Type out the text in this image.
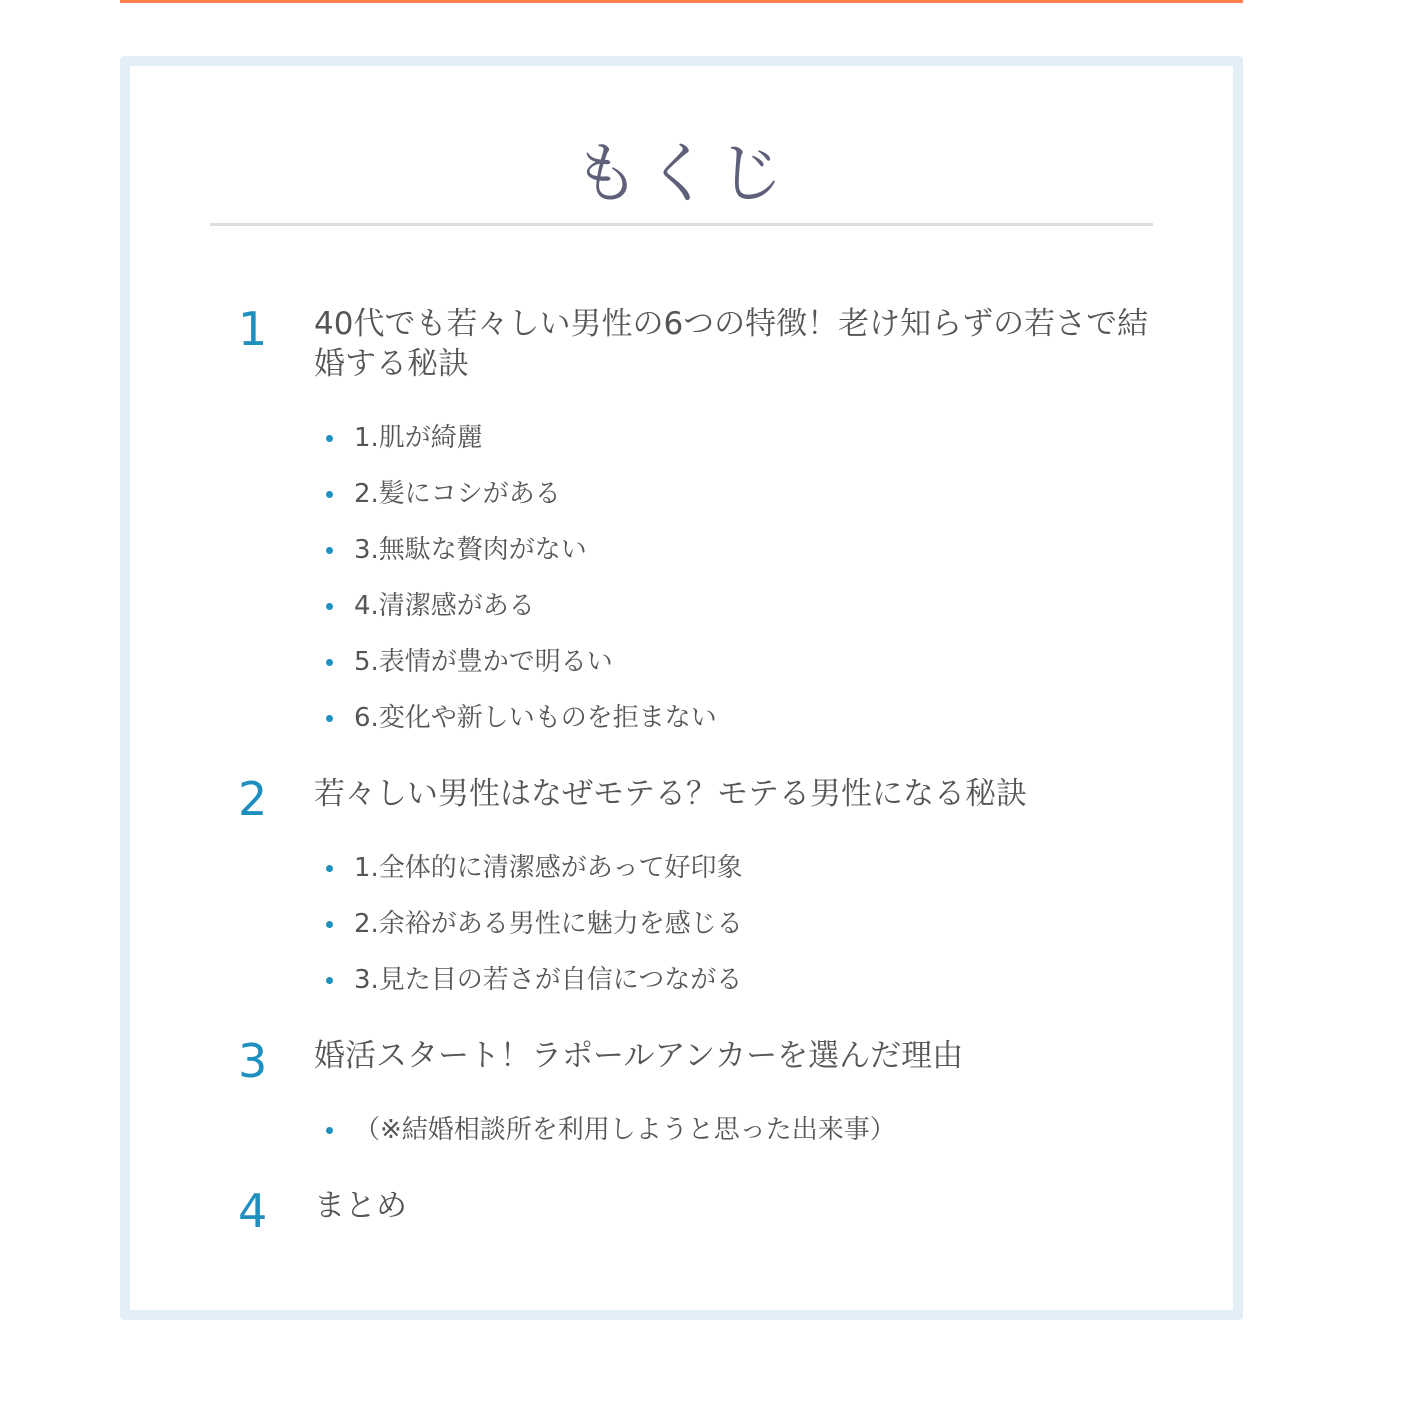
もくじ
1	40代でも若々しい男性の6つの特徴！老け知らずの若さで結婚する秘訣
1.肌が綺麗
2.髪にコシがある
3.無駄な贅肉がない
4.清潔感がある
5.表情が豊かで明るい
6.変化や新しいものを拒まない
2	若々しい男性はなぜモテる？モテる男性になる秘訣
1.全体的に清潔感があって好印象
2.余裕がある男性に魅力を感じる
3.見た目の若さが自信につながる
3	婚活スタート！ラポールアンカーを選んだ理由
（※結婚相談所を利用しようと思った出来事）
4	まとめ
